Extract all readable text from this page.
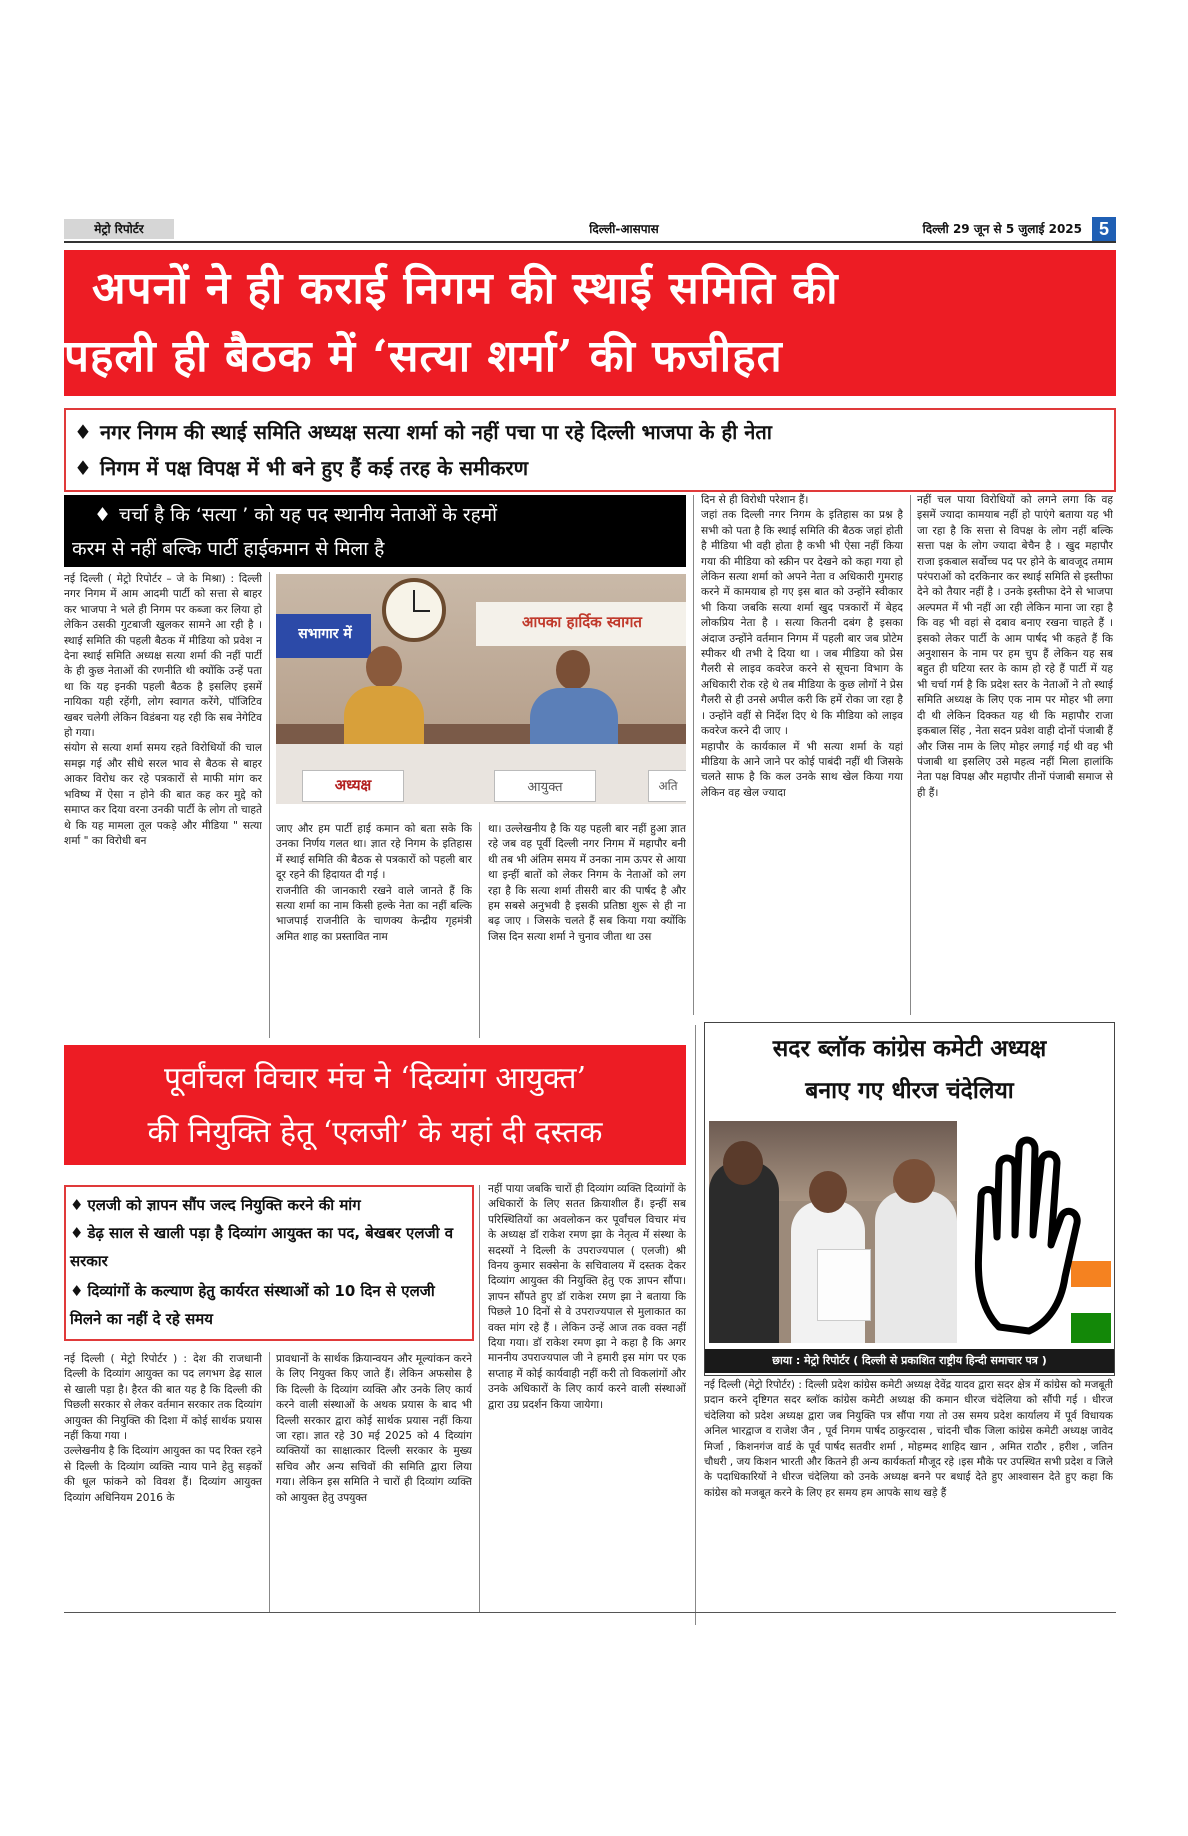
मेट्रो रिपोर्टर	दिल्ली-आसपास	दिल्ली 29 जून से 5 जुलाई 2025 5
अपनों ने ही कराई निगम की स्थाई समिति की
पहली ही बैठक में ‘सत्या शर्मा’ की फजीहत
♦ नगर निगम की स्थाई समिति अध्यक्ष सत्या शर्मा को नहीं पचा पा रहे दिल्ली भाजपा के ही नेता
♦ निगम में पक्ष विपक्ष में भी बने हुए हैं कई तरह के समीकरण
♦ चर्चा है कि ‘सत्या ’ को यह पद स्थानीय नेताओं के रहमों
करम से नहीं बल्कि पार्टी हाईकमान से मिला है
सभागार में
आपका हार्दिक स्वागत
अध्यक्ष	आयुक्त	अति
नई दिल्ली ( मेट्रो रिपोर्टर – जे के मिश्रा) : दिल्ली नगर निगम में आम आदमी पार्टी को सत्ता से बाहर कर भाजपा ने भले ही निगम पर कब्जा कर लिया हो लेकिन उसकी गुटबाजी खुलकर सामने आ रही है । स्थाई समिति की पहली बैठक में मीडिया को प्रवेश न देना स्थाई समिति अध्यक्ष सत्या शर्मा की नहीं पार्टी के ही कुछ नेताओं की रणनीति थी क्योंकि उन्हें पता था कि यह इनकी पहली बैठक है इसलिए इसमें नायिका यही रहेंगी, लोग स्वागत करेंगे, पॉजिटिव खबर चलेगी लेकिन विडंबना यह रही कि सब नेगेटिव हो गया।
संयोग से सत्या शर्मा समय रहते विरोधियों की चाल समझ गई और सीधे सरल भाव से बैठक से बाहर आकर विरोध कर रहे पत्रकारों से माफी मांग कर भविष्य में ऐसा न होने की बात कह कर मुद्दे को समाप्त कर दिया वरना उनकी पार्टी के लोग तो चाहते थे कि यह मामला तूल पकड़े और मीडिया " सत्या शर्मा " का विरोधी बन
जाए और हम पार्टी हाई कमान को बता सके कि उनका निर्णय गलत था। ज्ञात रहे निगम के इतिहास में स्थाई समिति की बैठक से पत्रकारों को पहली बार दूर रहने की हिदायत दी गई ।
राजनीति की जानकारी रखने वाले जानते हैं कि सत्या शर्मा का नाम किसी हल्के नेता का नहीं बल्कि भाजपाई राजनीति के चाणक्य केन्द्रीय गृहमंत्री अमित शाह का प्रस्तावित नाम
था। उल्लेखनीय है कि यह पहली बार नहीं हुआ ज्ञात रहे जब वह पूर्वी दिल्ली नगर निगम में महापौर बनी थी तब भी अंतिम समय में उनका नाम ऊपर से आया था इन्हीं बातों को लेकर निगम के नेताओं को लग रहा है कि सत्या शर्मा तीसरी बार की पार्षद है और हम सबसे अनुभवी है इसकी प्रतिष्ठा शुरू से ही ना बढ़ जाए । जिसके चलते हैं सब किया गया क्योंकि जिस दिन सत्या शर्मा ने चुनाव जीता था उस
दिन से ही विरोधी परेशान हैं।
जहां तक दिल्ली नगर निगम के इतिहास का प्रश्न है सभी को पता है कि स्थाई समिति की बैठक जहां होती है मीडिया भी वही होता है कभी भी ऐसा नहीं किया गया की मीडिया को स्क्रीन पर देखने को कहा गया हो लेकिन सत्या शर्मा को अपने नेता व अधिकारी गुमराह करने में कामयाब हो गए इस बात को उन्होंने स्वीकार भी किया जबकि सत्या शर्मा खुद पत्रकारों में बेहद लोकप्रिय नेता है । सत्या कितनी दबंग है इसका अंदाज उन्होंने वर्तमान निगम में पहली बार जब प्रोटेम स्पीकर थी तभी दे दिया था । जब मीडिया को प्रेस गैलरी से लाइव कवरेज करने से सूचना विभाग के अधिकारी रोक रहे थे तब मीडिया के कुछ लोगों ने प्रेस गैलरी से ही उनसे अपील करी कि हमें रोका जा रहा है । उन्होंने वहीं से निर्देश दिए थे कि मीडिया को लाइव कवरेज करने दी जाए ।
महापौर के कार्यकाल में भी सत्या शर्मा के यहां मीडिया के आने जाने पर कोई पाबंदी नहीं थी जिसके चलते साफ है कि कल उनके साथ खेल किया गया लेकिन वह खेल ज्यादा
नहीं चल पाया विरोधियों को लगने लगा कि वह इसमें ज्यादा कामयाब नहीं हो पाएंगे बताया यह भी जा रहा है कि सत्ता से विपक्ष के लोग नहीं बल्कि सत्ता पक्ष के लोग ज्यादा बेचैन है । खुद महापौर राजा इकबाल सर्वोच्च पद पर होने के बावजूद तमाम परंपराओं को दरकिनार कर स्थाई समिति से इस्तीफा देने को तैयार नहीं है । उनके इस्तीफा देने से भाजपा अल्पमत में भी नहीं आ रही लेकिन माना जा रहा है कि वह भी वहां से दबाव बनाए रखना चाहते हैं । इसको लेकर पार्टी के आम पार्षद भी कहते हैं कि अनुशासन के नाम पर हम चुप हैं लेकिन यह सब बहुत ही घटिया स्तर के काम हो रहे हैं पार्टी में यह भी चर्चा गर्म है कि प्रदेश स्तर के नेताओं ने तो स्थाई समिति अध्यक्ष के लिए एक नाम पर मोहर भी लगा दी थी लेकिन दिक्कत यह थी कि महापौर राजा इकबाल सिंह , नेता सदन प्रवेश वाही दोनों पंजाबी हैं और जिस नाम के लिए मोहर लगाई गई थी वह भी पंजाबी था इसलिए उसे महत्व नहीं मिला हालांकि नेता पक्ष विपक्ष और महापौर तीनों पंजाबी समाज से ही हैं।
पूर्वांचल विचार मंच ने ‘दिव्यांग आयुक्त’
की नियुक्ति हेतू ‘एलजी’ के यहां दी दस्तक
♦ एलजी को ज्ञापन सौंप जल्द नियुक्ति करने की मांग
♦ डेढ़ साल से खाली पड़ा है दिव्यांग आयुक्त का पद, बेखबर एलजी व सरकार
♦ दिव्यांगों के कल्याण हेतु कार्यरत संस्थाओं को 10 दिन से एलजी मिलने का नहीं दे रहे समय
नई दिल्ली ( मेट्रो रिपोर्टर ) : देश की राजधानी दिल्ली के दिव्यांग आयुक्त का पद लगभग डेढ़ साल से खाली पड़ा है। हैरत की बात यह है कि दिल्ली की पिछली सरकार से लेकर वर्तमान सरकार तक दिव्यांग आयुक्त की नियुक्ति की दिशा में कोई सार्थक प्रयास नहीं किया गया ।
उल्लेखनीय है कि दिव्यांग आयुक्त का पद रिक्त रहने से दिल्ली के दिव्यांग व्यक्ति न्याय पाने हेतु सड़कों की धूल फांकने को विवश हैं। दिव्यांग आयुक्त दिव्यांग अधिनियम 2016 के
प्रावधानों के सार्थक क्रियान्वयन और मूल्यांकन करने के लिए नियुक्त किए जाते हैं। लेकिन अफसोस है कि दिल्ली के दिव्यांग व्यक्ति और उनके लिए कार्य करने वाली संस्थाओं के अथक प्रयास के बाद भी दिल्ली सरकार द्वारा कोई सार्थक प्रयास नहीं किया जा रहा। ज्ञात रहे 30 मई 2025 को 4 दिव्यांग व्यक्तियों का साक्षात्कार दिल्ली सरकार के मुख्य सचिव और अन्य सचिवों की समिति द्वारा लिया गया। लेकिन इस समिति ने चारों ही दिव्यांग व्यक्ति को आयुक्त हेतु उपयुक्त
नहीं पाया जबकि चारों ही दिव्यांग व्यक्ति दिव्यांगों के अधिकारों के लिए सतत क्रियाशील हैं। इन्हीं सब परिस्थितियों का अवलोकन कर पूर्वांचल विचार मंच के अध्यक्ष डॉ राकेश रमण झा के नेतृत्व में संस्था के सदस्यों ने दिल्ली के उपराज्यपाल ( एलजी) श्री विनय कुमार सक्सेना के सचिवालय में दस्तक देकर दिव्यांग आयुक्त की नियुक्ति हेतु एक ज्ञापन सौंपा। ज्ञापन सौंपते हुए डॉ राकेश रमण झा ने बताया कि पिछले 10 दिनों से वे उपराज्यपाल से मुलाकात का वक्त मांग रहे हैं । लेकिन उन्हें आज तक वक्त नहीं दिया गया। डॉ राकेश रमण झा ने कहा है कि अगर माननीय उपराज्यपाल जी ने हमारी इस मांग पर एक सप्ताह में कोई कार्यवाही नहीं करी तो विकलांगों और उनके अधिकारों के लिए कार्य करने वाली संस्थाओं द्वारा उग्र प्रदर्शन किया जायेगा।
सदर ब्लॉक कांग्रेस कमेटी अध्यक्ष
बनाए गए धीरज चंदेलिया
छाया : मेट्रो रिपोर्टर ( दिल्ली से प्रकाशित राष्ट्रीय हिन्दी समाचार पत्र )
नई दिल्ली (मेट्रो रिपोर्टर) : दिल्ली प्रदेश कांग्रेस कमेटी अध्यक्ष देवेंद्र यादव द्वारा सदर क्षेत्र में कांग्रेस को मजबूती प्रदान करने दृष्टिगत सदर ब्लॉक कांग्रेस कमेटी अध्यक्ष की कमान धीरज चंदेलिया को सौंपी गई । धीरज चंदेलिया को प्रदेश अध्यक्ष द्वारा जब नियुक्ति पत्र सौंपा गया तो उस समय प्रदेश कार्यालय में पूर्व विधायक अनिल भारद्वाज व राजेश जैन , पूर्व निगम पार्षद ठाकुरदास , चांदनी चौक जिला कांग्रेस कमेटी अध्यक्ष जावेद मिर्जा , किशनगंज वार्ड के पूर्व पार्षद सतवीर शर्मा , मोहम्मद शाहिद खान , अमित राठौर , हरीश , जतिन चौधरी , जय किशन भारती और कितने ही अन्य कार्यकर्ता मौजूद रहे ।इस मौके पर उपस्थित सभी प्रदेश व जिले के पदाधिकारियों ने धीरज चंदेलिया को उनके अध्यक्ष बनने पर बधाई देते हुए आश्वासन देते हुए कहा कि कांग्रेस को मजबूत करने के लिए हर समय हम आपके साथ खड़े हैं
